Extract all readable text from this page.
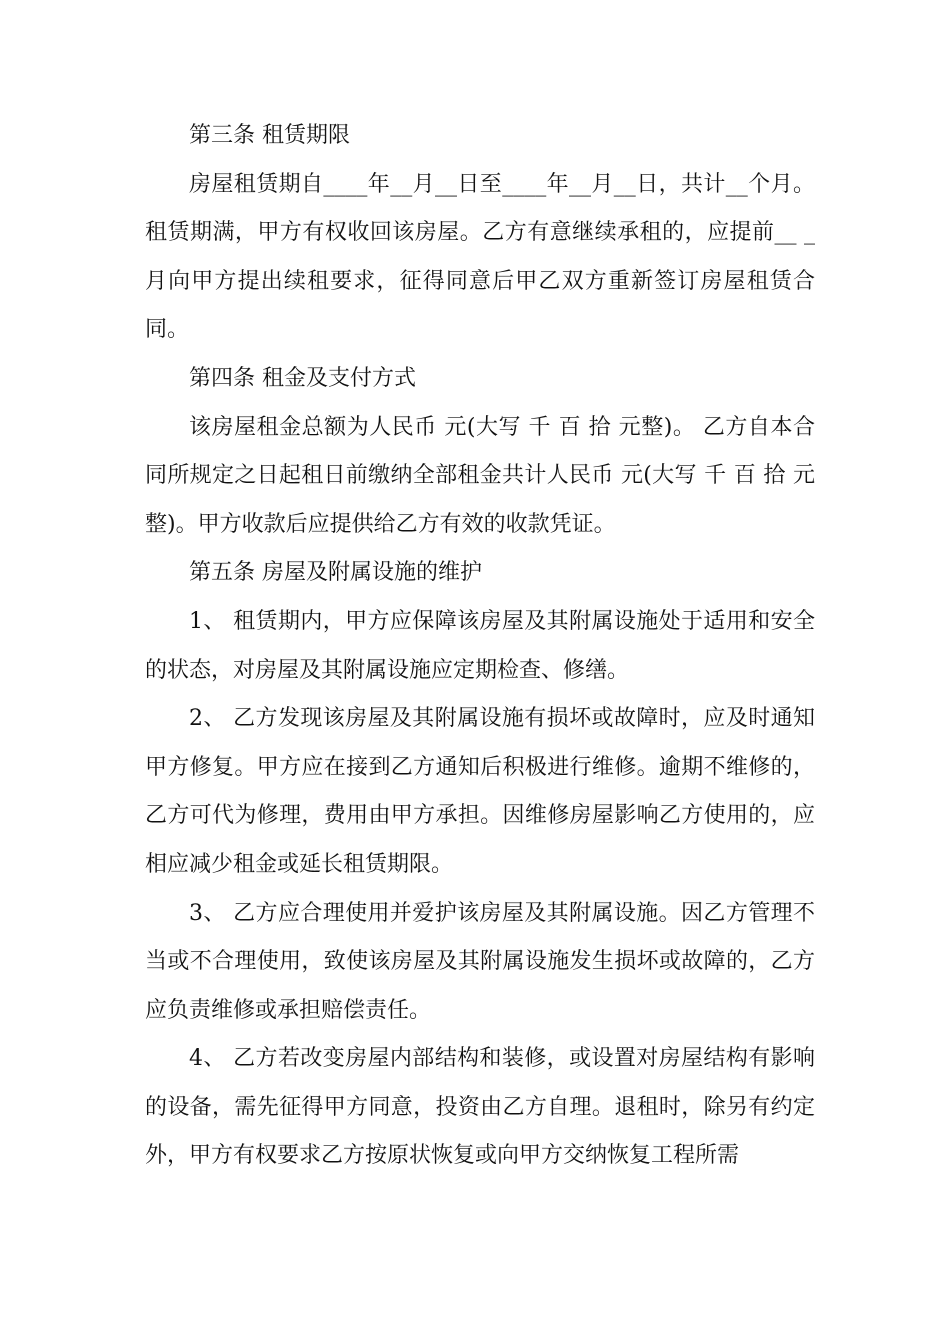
第三条 租赁期限

房屋租赁期自____年__月__日至____年__月__日，共计__个月。 租赁期满，甲方有权收回该房屋。乙方有意继续承租的，应提前__ _月向甲方提出续租要求，征得同意后甲乙双方重新签订房屋租赁合同。

第四条 租金及支付方式

该房屋租金总额为人民币 元(大写 千 百 拾 元整)。 乙方自本合同所规定之日起租日前缴纳全部租金共计人民币 元(大写 千 百 拾 元整)。甲方收款后应提供给乙方有效的收款凭证。

第五条 房屋及附属设施的维护

1、 租赁期内，甲方应保障该房屋及其附属设施处于适用和安全的状态，对房屋及其附属设施应定期检查、修缮。

2、 乙方发现该房屋及其附属设施有损坏或故障时，应及时通知甲方修复。甲方应在接到乙方通知后积极进行维修。逾期不维修的，乙方可代为修理，费用由甲方承担。因维修房屋影响乙方使用的，应相应减少租金或延长租赁期限。

3、 乙方应合理使用并爱护该房屋及其附属设施。因乙方管理不当或不合理使用，致使该房屋及其附属设施发生损坏或故障的，乙方应负责维修或承担赔偿责任。

4、 乙方若改变房屋内部结构和装修，或设置对房屋结构有影响的设备，需先征得甲方同意，投资由乙方自理。退租时，除另有约定外，甲方有权要求乙方按原状恢复或向甲方交纳恢复工程所需
